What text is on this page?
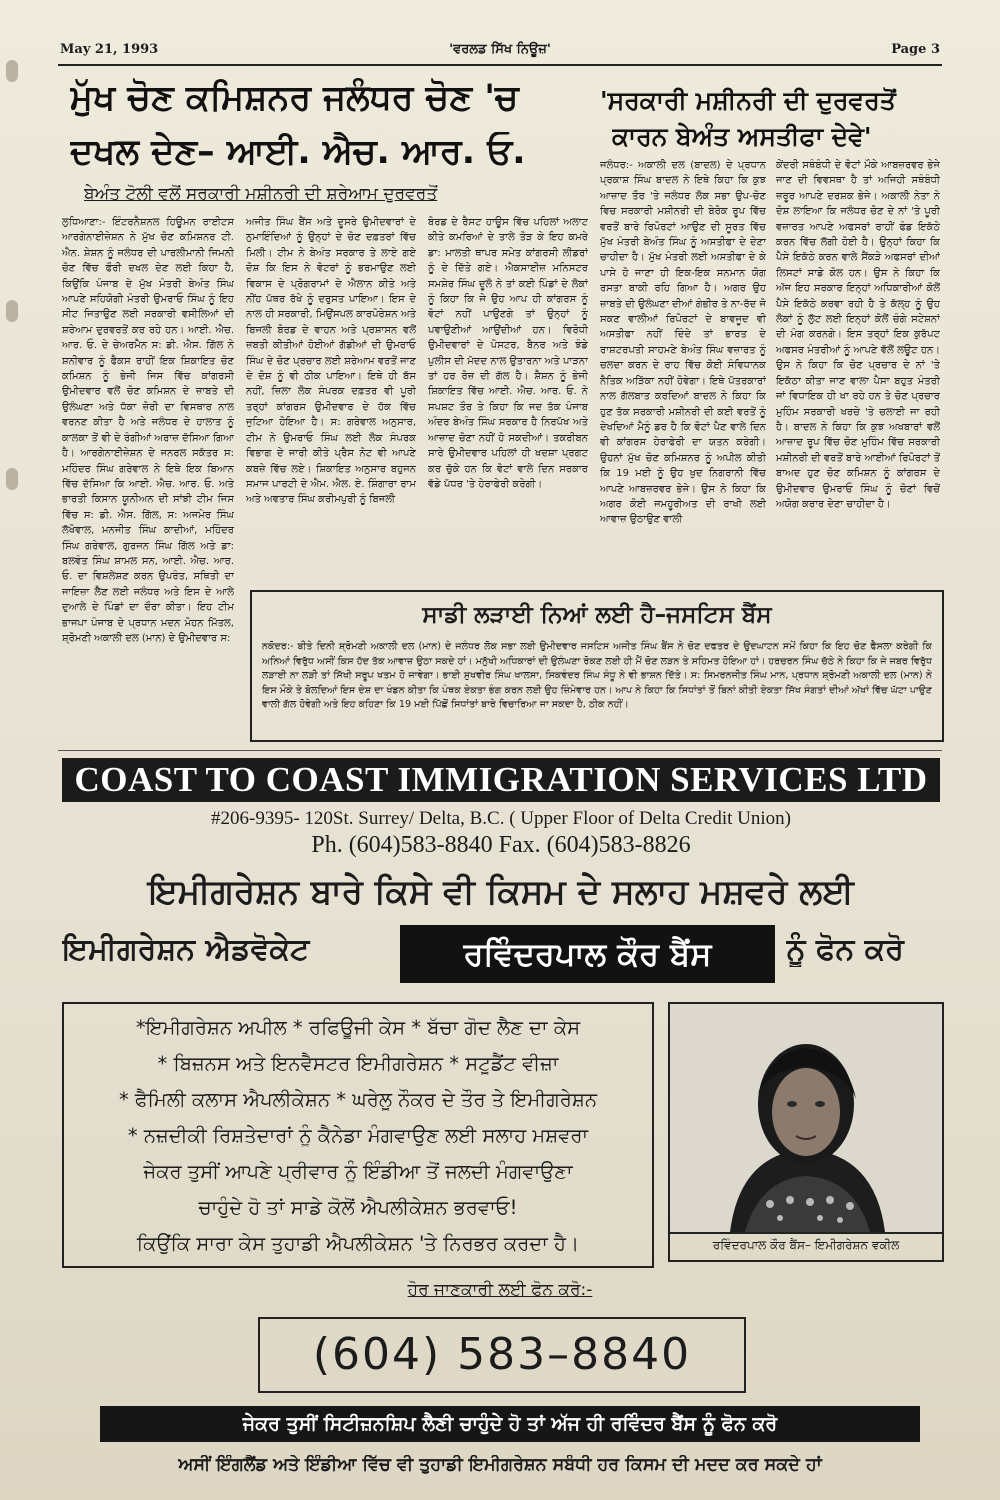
May 21, 1993	'ਵਰਲਡ ਸਿੱਖ ਨਿਊਜ਼'	Page 3
ਮੁੱਖ ਚੋਣ ਕਮਿਸ਼ਨਰ ਜਲੰਧਰ ਚੋਣ 'ਚ
ਦਖਲ ਦੇਣ– ਆਈ. ਐਚ. ਆਰ. ਓ.
ਬੇਅੰਤ ਟੋਲੀ ਵਲੋਂ ਸਰਕਾਰੀ ਮਸ਼ੀਨਰੀ ਦੀ ਸ਼ਰੇਆਮ ਦੁਰਵਰਤੋਂ
ਲੁਧਿਆਣਾ:- ਇੰਟਰਨੈਸ਼ਨਲ ਹਿਊਮਨ ਰਾਈਟਸ ਆਰਗੇਨਾਈਜ਼ੇਸ਼ਨ ਨੇ ਮੁੱਖ ਚੋਣ ਕਮਿਸ਼ਨਰ ਟੀ. ਐਨ. ਸ਼ੇਸ਼ਨ ਨੂੰ ਜਲੰਧਰ ਦੀ ਪਾਰਲੀਮਾਨੀ ਜਿਮਨੀ ਚੋਣ ਵਿੱਚ ਫੌਰੀ ਦਖਲ ਦੇਣ ਲਈ ਕਿਹਾ ਹੈ, ਕਿਉਂਕਿ ਪੰਜਾਬ ਦੇ ਮੁੱਖ ਮੰਤਰੀ ਬੇਅੰਤ ਸਿੰਘ ਆਪਣੇ ਸਹਿਯੋਗੀ ਮੰਤਰੀ ਉਮਰਾਓ ਸਿੰਘ ਨੂੰ ਇਹ ਸੀਟ ਜਿਤਾਉਣ ਲਈ ਸਰਕਾਰੀ ਵਸੀਲਿਆਂ ਦੀ ਸ਼ਰੇਆਮ ਦੁਰਵਰਤੋਂ ਕਰ ਰਹੇ ਹਨ। ਆਈ. ਐਚ. ਆਰ. ਓ. ਦੇ ਚੇਅਰਮੈਨ ਸ: ਡੀ. ਐਸ. ਗਿੱਲ ਨੇ ਸ਼ਨੀਵਾਰ ਨੂੰ ਫੈਕਸ ਰਾਹੀਂ ਇਕ ਸ਼ਿਕਾਇਤ ਚੋਣ ਕਮਿਸ਼ਨ ਨੂੰ ਭੇਜੀ ਜਿਸ ਵਿੱਚ ਕਾਂਗਰਸੀ ਉਮੀਦਵਾਰ ਵਲੋਂ ਚੋਣ ਕਮਿਸ਼ਨ ਦੇ ਜ਼ਾਬਤੇ ਦੀ ਉਲੰਘਣਾ ਅਤੇ ਧੱਕਾ ਜ਼ੋਰੀ ਦਾ ਵਿਸਥਾਰ ਨਾਲ ਵਰਨਣ ਕੀਤਾ ਹੈ ਅਤੇ ਜਲੰਧਰ ਦੇ ਹਾਲਾਤ ਨੂੰ ਕਾਲਕਾ ਤੋਂ ਵੀ ਦੇ ਰੰਗੀਆਂ ਅਰਾਜ਼ ਦੱਸਿਆ ਗਿਆ ਹੈ। ਆਰਗੇਨਾਈਜ਼ੇਸ਼ਨ ਦੇ ਜਨਰਲ ਸਕੱਤਰ ਸ: ਮਹਿੰਦਰ ਸਿੰਘ ਗਰੇਵਾਲ ਨੇ ਇਥੇ ਇਕ ਬਿਆਨ ਵਿੱਚ ਦੱਸਿਆ ਕਿ ਆਈ. ਐਚ. ਆਰ. ਓ. ਅਤੇ ਭਾਰਤੀ ਕਿਸਾਨ ਯੂਨੀਅਨ ਦੀ ਸਾਂਝੀ ਟੀਮ ਜਿਸ ਵਿੱਚ ਸ: ਡੀ. ਐਸ. ਗਿੱਲ, ਸ: ਅਜਮੇਰ ਸਿੰਘ ਲੱਖੋਵਾਲ, ਮਨਜੀਤ ਸਿੰਘ ਕਾਦੀਆਂ, ਮਹਿੰਦਰ ਸਿੰਘ ਗਰੇਵਾਲ, ਗੁਰਜਨ ਸਿੰਘ ਗਿੱਲ ਅਤੇ ਡਾ: ਬਲਵੰਤ ਸਿੰਘ ਸ਼ਾਮਲ ਸਨ, ਆਈ. ਐਚ. ਆਰ. ਓ. ਦਾ ਵਿਸ਼ਲੇਸ਼ਣ ਕਰਨ ਉਪਰੰਤ, ਸਥਿਤੀ ਦਾ ਜਾਇਜ਼ਾ ਲੈਣ ਲਈ ਜਲੰਧਰ ਅਤੇ ਇਸ ਦੇ ਆਲੇ ਦੁਆਲੇ ਦੇ ਪਿੰਡਾਂ ਦਾ ਦੌਰਾ ਕੀਤਾ। ਇਹ ਟੀਮ ਭਾਜਪਾ ਪੰਜਾਬ ਦੇ ਪ੍ਰਧਾਨ ਮਦਨ ਮੋਹਨ ਮਿੱਤਲ, ਸ਼੍ਰੋਮਣੀ ਅਕਾਲੀ ਦਲ (ਮਾਨ) ਦੇ ਉਮੀਦਵਾਰ ਸ:
ਅਜੀਤ ਸਿੰਘ ਬੈਂਸ ਅਤੇ ਦੂਸਰੇ ਉਮੀਦਵਾਰਾਂ ਦੇ ਨੁਮਾਇੰਦਿਆਂ ਨੂੰ ਉਨ੍ਹਾਂ ਦੇ ਚੋਣ ਦਫ਼ਤਰਾਂ ਵਿੱਚ ਮਿਲੀ। ਟੀਮ ਨੇ ਬੇਅੰਤ ਸਰਕਾਰ ਤੇ ਲਾਏ ਗਏ ਦੋਸ਼ ਕਿ ਇਸ ਨੇ ਵੋਟਰਾਂ ਨੂੰ ਭਰਮਾਉਣ ਲਈ ਵਿਕਾਸ ਦੇ ਪ੍ਰੋਗਰਾਮਾਂ ਦੇ ਐਲਾਨ ਕੀਤੇ ਅਤੇ ਨੀਂਹ ਪੱਥਰ ਰੱਖੇ ਨੂੰ ਦਰੁਸਤ ਪਾਇਆ। ਇਸ ਦੇ ਨਾਲ ਹੀ ਸਰਕਾਰੀ, ਮਿਉਂਸਪਲ ਕਾਰਪੋਰੇਸ਼ਨ ਅਤੇ ਬਿਜਲੀ ਬੋਰਡ ਦੇ ਵਾਹਨ ਅਤੇ ਪ੍ਰਸ਼ਾਸਨ ਵਲੋਂ ਜ਼ਬਤੀ ਕੀਤੀਆਂ ਹੋਈਆਂ ਗੱਡੀਆਂ ਦੀ ਉਮਰਾਓ ਸਿੰਘ ਦੇ ਚੋਣ ਪ੍ਰਚਾਰ ਲਈ ਸ਼ਰੇਆਮ ਵਰਤੋਂ ਜਾਣ ਦੇ ਦੋਸ਼ ਨੂੰ ਵੀ ਠੀਕ ਪਾਇਆ। ਇਥੇ ਹੀ ਬੱਸ ਨਹੀਂ, ਜ਼ਿਲਾ ਲੋਕ ਸੰਪਰਕ ਦਫ਼ਤਰ ਵੀ ਪੂਰੀ ਤਰ੍ਹਾਂ ਕਾਂਗਰਸ ਉਮੀਦਵਾਰ ਦੇ ਹੱਕ ਵਿੱਚ ਜੁਟਿਆ ਹੋਇਆ ਹੈ। ਸ: ਗਰੇਵਾਲ ਅਨੁਸਾਰ, ਟੀਮ ਨੇ ਉਮਰਾਓ ਸਿੰਘ ਲਈ ਲੋਕ ਸੰਪਰਕ ਵਿਭਾਗ ਦੇ ਜਾਰੀ ਕੀਤੇ ਪ੍ਰੈਸ ਨੋਟ ਵੀ ਆਪਣੇ ਕਬਜ਼ੇ ਵਿੱਚ ਲਏ। ਸ਼ਿਕਾਇਤ ਅਨੁਸਾਰ ਬਹੁਜਨ ਸਮਾਜ ਪਾਰਟੀ ਦੇ ਐਮ. ਐਲ. ਏ. ਸ਼ਿੰਗਾਰਾ ਰਾਮ ਅਤੇ ਅਵਤਾਰ ਸਿੰਘ ਕਰੀਮਪੁਰੀ ਨੂੰ ਬਿਜਲੀ
ਬੋਰਡ ਦੇ ਰੈਸਟ ਹਾਊਸ ਵਿੱਚ ਪਹਿਲਾਂ ਅਲਾਟ ਕੀਤੇ ਕਮਰਿਆਂ ਦੇ ਤਾਲੇ ਤੋੜ ਕੇ ਇਹ ਕਮਰੇ ਡਾ: ਮਾਲਤੀ ਥਾਪਰ ਸਮੇਤ ਕਾਂਗਰਸੀ ਲੀਡਰਾਂ ਨੂੰ ਦੇ ਦਿੱਤੇ ਗਏ। ਐਕਸਾਈਜ਼ ਮਨਿਸਟਰ ਸਮਸ਼ੇਰ ਸਿੰਘ ਦੂਲੋ ਨੇ ਤਾਂ ਕਈ ਪਿੰਡਾਂ ਦੇ ਲੋਕਾਂ ਨੂੰ ਕਿਹਾ ਕਿ ਜੇ ਉਹ ਆਪ ਹੀ ਕਾਂਗਰਸ ਨੂੰ ਵੋਟਾਂ ਨਹੀਂ ਪਾਉਣਗੇ ਤਾਂ ਉਨ੍ਹਾਂ ਨੂੰ ਪਵਾਉਣੀਆਂ ਆਉਂਦੀਆਂ ਹਨ। ਵਿਰੋਧੀ ਉਮੀਦਵਾਰਾਂ ਦੇ ਪੋਸਟਰ, ਬੈਨਰ ਅਤੇ ਝੰਡੇ ਪੁਲੀਸ ਦੀ ਮੱਦਦ ਨਾਲ ਉਤਾਰਨਾ ਅਤੇ ਪਾੜਨਾ ਤਾਂ ਹਰ ਰੋਜ਼ ਦੀ ਗੱਲ ਹੈ। ਸ਼ੈਸ਼ਨ ਨੂੰ ਭੇਜੀ ਸ਼ਿਕਾਇਤ ਵਿੱਚ ਆਈ. ਐਚ. ਆਰ. ਓ. ਨੇ ਸਪਸ਼ਟ ਤੌਰ ਤੇ ਕਿਹਾ ਕਿ ਜਦ ਤੱਕ ਪੰਜਾਬ ਅੰਦਰ ਬੇਅੰਤ ਸਿੰਘ ਸਰਕਾਰ ਹੈ ਨਿਰਪੱਖ ਅਤੇ ਆਜ਼ਾਦ ਚੋਣਾ ਨਹੀਂ ਹੋ ਸਕਦੀਆਂ। ਤਕਰੀਬਨ ਸਾਰੇ ਉਮੀਦਵਾਰ ਪਹਿਲਾਂ ਹੀ ਖਦਸ਼ਾ ਪ੍ਰਗਟ ਕਰ ਚੁੱਕੇ ਹਨ ਕਿ ਵੋਟਾਂ ਵਾਲੇ ਦਿਨ ਸਰਕਾਰ ਵੱਡੇ ਪੱਧਰ 'ਤੇ ਹੇਰਾਫੇਰੀ ਕਰੇਗੀ।
'ਸਰਕਾਰੀ ਮਸ਼ੀਨਰੀ ਦੀ ਦੁਰਵਰਤੋਂ
ਕਾਰਨ ਬੇਅੰਤ ਅਸਤੀਫਾ ਦੇਵੇ'
ਜਲੰਧਰ:- ਅਕਾਲੀ ਦਲ (ਬਾਦਲ) ਦੇ ਪ੍ਰਧਾਨ ਪ੍ਰਕਾਸ਼ ਸਿੰਘ ਬਾਦਲ ਨੇ ਇਥੇ ਕਿਹਾ ਕਿ ਕੁਝ ਆਜ਼ਾਦ ਤੌਰ 'ਤੇ ਜਲੰਧਰ ਲੋਕ ਸਭਾ ਉਪ-ਚੋਣ ਵਿਚ ਸਰਕਾਰੀ ਮਸ਼ੀਨਰੀ ਦੀ ਬੇਰੋਕ ਰੂਪ ਵਿੱਚ ਵਰਤੋਂ ਬਾਰੇ ਰਿਪੋਰਟਾਂ ਆਉਣ ਦੀ ਸੂਰਤ ਵਿੱਚ ਮੁੱਖ ਮੰਤਰੀ ਬੇਅੰਤ ਸਿੰਘ ਨੂੰ ਅਸਤੀਫਾ ਦੇ ਦੇਣਾ ਚਾਹੀਦਾ ਹੈ। ਮੁੱਖ ਮੰਤਰੀ ਲਈ ਅਸਤੀਫਾ ਦੇ ਕੇ ਪਾਸੇ ਹੋ ਜਾਣਾ ਹੀ ਇਕ-ਇਕ ਸਨਮਾਨ ਯੋਗ ਰਸਤਾ ਬਾਕੀ ਰਹਿ ਗਿਆ ਹੈ। ਅਗਰ ਉਹ ਜ਼ਾਬਤੇ ਦੀ ਉਲੰਘਣਾ ਦੀਆਂ ਗੰਭੀਰ ਤੇ ਨਾ-ਰੱਦ ਜੋ ਸਕਣ ਵਾਲੀਆਂ ਰਿਪੋਰਟਾਂ ਦੇ ਬਾਵਜੂਦ ਵੀ ਅਸਤੀਫਾ ਨਹੀਂ ਦਿੰਦੇ ਤਾਂ ਭਾਰਤ ਦੇ ਰਾਸ਼ਟਰਪਤੀ ਸਾਹਮਣੇ ਬੇਅੰਤ ਸਿੰਘ ਵਜ਼ਾਰਤ ਨੂੰ ਚਲਦਾ ਕਰਨ ਦੇ ਰਾਹ ਵਿੱਚ ਕੋਈ ਸੰਵਿਧਾਨਕ ਨੈਤਿਕ ਅੜਿੱਕਾ ਨਹੀਂ ਹੋਵੇਗਾ। ਇਥੇ ਪੱਤਰਕਾਰਾਂ ਨਾਲ ਗੱਲਬਾਤ ਕਰਦਿਆਂ ਬਾਦਲ ਨੇ ਕਿਹਾ ਕਿ ਹੁਣ ਤੱਕ ਸਰਕਾਰੀ ਮਸ਼ੀਨਰੀ ਦੀ ਕਈ ਵਰਤੋਂ ਨੂੰ ਦੇਖਦਿਆਂ ਮੈਨੂੰ ਡਰ ਹੈ ਕਿ ਵੋਟਾਂ ਪੈਣ ਵਾਲੇ ਦਿਨ ਵੀ ਕਾਂਗਰਸ ਹੇਰਾਫੇਰੀ ਦਾ ਯਤਨ ਕਰੇਗੀ। ਉਹਨਾਂ ਮੁੱਖ ਚੋਣ ਕਮਿਸ਼ਨਰ ਨੂੰ ਅਪੀਲ ਕੀਤੀ ਕਿ 19 ਮਈ ਨੂੰ ਉਹ ਖੁਦ ਨਿਗਰਾਨੀ ਵਿੱਚ ਆਪਣੇ ਆਬਜ਼ਰਵਰ ਭੇਜੇ। ਉਸ ਨੇ ਕਿਹਾ ਕਿ ਅਗਰ ਕੋਈ ਜਮਹੂਰੀਅਤ ਦੀ ਰਾਖੀ ਲਈ ਆਵਾਜ਼ ਉਠਾਉਣ ਵਾਲੀ
ਕੇਂਦਰੀ ਸਥੰਬੰਧੀ ਦੇ ਵੋਟਾਂ ਮੌਕੇ ਆਬਜ਼ਰਵਰ ਭੇਜੇ ਜਾਣ ਦੀ ਵਿਵਸਥਾ ਹੈ ਤਾਂ ਅਜਿਹੀ ਸਥੰਬੰਧੀ ਜ਼ਰੂਰ ਆਪਣੇ ਦਰਸ਼ਕ ਭੇਜੇ। ਅਕਾਲੀ ਨੇਤਾ ਨੇ ਦੋਸ਼ ਲਾਇਆ ਕਿ ਜਲੰਧਰ ਚੋਣ ਦੇ ਨਾਂ 'ਤੇ ਪੂਰੀ ਵਜ਼ਾਰਤ ਆਪਣੇ ਅਫਸਰਾਂ ਰਾਹੀਂ ਫੰਡ ਇਕੱਠੇ ਕਰਨ ਵਿੱਚ ਲੱਗੀ ਹੋਈ ਹੈ। ਉਨ੍ਹਾਂ ਕਿਹਾ ਕਿ ਪੈਸੇ ਇਕੱਠੇ ਕਰਨ ਵਾਲੇ ਸੈਂਕੜੇ ਅਫਸਰਾਂ ਦੀਆਂ ਲਿਸਟਾਂ ਸਾਡੇ ਕੋਲ ਹਨ। ਉਸ ਨੇ ਕਿਹਾ ਕਿ ਅੱਜ ਇਹ ਸਰਕਾਰ ਇਨ੍ਹਾਂ ਅਧਿਕਾਰੀਆਂ ਕੋਲੋਂ ਪੈਸੇ ਇਕੱਠੇ ਕਰਵਾ ਰਹੀ ਹੈ ਤੇ ਕੱਲ੍ਹ ਨੂੰ ਉਹ ਲੋਕਾਂ ਨੂੰ ਲੁੱਟ ਲਈ ਇਨ੍ਹਾਂ ਕੋਲੋਂ ਚੰਗੇ ਸਟੇਸ਼ਨਾਂ ਦੀ ਮੰਗ ਕਰਨਗੇ। ਇਸ ਤਰ੍ਹਾਂ ਇਕ ਕੁਰੱਪਟ ਅਫਸਰ ਮੰਤਰੀਆਂ ਨੂੰ ਆਪਣੇ ਵੱਲੋਂ ਲਊਟ ਹਨ। ਉਸ ਨੇ ਕਿਹਾ ਕਿ ਚੋਣ ਪ੍ਰਚਾਰ ਦੇ ਨਾਂ 'ਤੇ ਇਕੱਠਾ ਕੀਤਾ ਜਾਣ ਵਾਲਾ ਪੈਸਾ ਬਹੁਤ ਮੰਤਰੀ ਜਾਂ ਵਿਧਾਇਕ ਹੀ ਖਾ ਰਹੇ ਹਨ ਤੇ ਚੋਣ ਪ੍ਰਚਾਰ ਮੁਹਿੰਮ ਸਰਕਾਰੀ ਖਰਚੇ 'ਤੇ ਚਲਾਈ ਜਾ ਰਹੀ ਹੈ। ਬਾਦਲ ਨੇ ਕਿਹਾ ਕਿ ਕੁਝ ਅਖਬਾਰਾਂ ਵਲੋਂ ਆਜ਼ਾਦ ਰੂਪ ਵਿੱਚ ਚੋਣ ਮੁਹਿੰਮ ਵਿੱਚ ਸਰਕਾਰੀ ਮਸ਼ੀਨਰੀ ਦੀ ਵਰਤੋਂ ਬਾਰੇ ਆਈਆਂ ਰਿਪੋਰਟਾਂ ਤੋਂ ਬਾਅਦ ਹੁਣ ਚੋਣ ਕਮਿਸ਼ਨ ਨੂੰ ਕਾਂਗਰਸ ਦੇ ਉਮੀਦਵਾਰ ਉਮਰਾਓ ਸਿੰਘ ਨੂੰ ਚੋਣਾਂ ਵਿਚੋਂ ਅਯੋਗ ਕਰਾਰ ਦੇਣਾ ਚਾਹੀਦਾ ਹੈ।
ਸਾਡੀ ਲੜਾਈ ਨਿਆਂ ਲਈ ਹੈ–ਜਸਟਿਸ ਬੈਂਸ
ਨਕੋਦਰ:- ਬੀਤੇ ਦਿਨੀ ਸ਼੍ਰੋਮਣੀ ਅਕਾਲੀ ਦਲ (ਮਾਨ) ਦੇ ਜਲੰਧਰ ਲੋਕ ਸਭਾ ਲਈ ਉਮੀਦਵਾਰ ਜਸਟਿਸ ਅਜੀਤ ਸਿੰਘ ਬੈਂਸ ਨੇ ਚੋਣ ਦਫਤਰ ਦੇ ਉਦਘਾਟਨ ਸਮੇਂ ਕਿਹਾ ਕਿ ਇਹ ਚੋਣ ਫੈਸਲਾ ਕਰੇਗੀ ਕਿ ਅਨਿਆਂ ਵਿਰੁੱਧ ਅਸੀਂ ਕਿਸ ਹੱਦ ਤੱਕ ਆਵਾਜ਼ ਉਠਾ ਸਕਦੇ ਹਾਂ। ਮਨੁੱਖੀ ਅਧਿਕਾਰਾਂ ਦੀ ਉਲੰਘਣਾ ਰੋਕਣ ਲਈ ਹੀ ਮੈਂ ਚੋਣ ਲੜਨ ਤੇ ਸਹਿਮਤ ਹੋਇਆ ਹਾਂ। ਹਰਚਰਨ ਸਿੰਘ ਚੱਠੇ ਨੇ ਕਿਹਾ ਕਿ ਜੇ ਜਬਰ ਵਿਰੁੱਧ ਲੜਾਈ ਨਾ ਲੜੀ ਤਾਂ ਸਿੱਖੀ ਸਰੂਪ ਖਤਮ ਹੋ ਜਾਵੇਗਾ। ਭਾਈ ਸੁਖਵੀਰ ਸਿੰਘ ਖਾਲਸਾ, ਸਿਕਵੰਦਰ ਸਿੰਘ ਸੰਧੂ ਨੇ ਵੀ ਭਾਸ਼ਨ ਦਿੱਤੇ। ਸ: ਸਿਮਰਨਜੀਤ ਸਿੰਘ ਮਾਨ, ਪ੍ਰਧਾਨ ਸ਼੍ਰੋਮਣੀ ਅਕਾਲੀ ਦਲ (ਮਾਨ) ਨੇ ਇਸ ਮੌਕੇ ਤੇ ਬੋਲਦਿਆਂ ਇਸ ਦੇਸ਼ ਦਾ ਖੰਡਨ ਕੀਤਾ ਕਿ ਪੰਥਕ ਏਕਤਾ ਭੰਗ ਕਰਨ ਲਈ ਉਹ ਜ਼ਿੰਮੇਵਾਰ ਹਨ। ਆਪ ਨੇ ਕਿਹਾ ਕਿ ਸਿਧਾਂਤਾਂ ਤੋਂ ਬਿਨਾਂ ਕੀਤੀ ਏਕਤਾ ਸਿੱਖ ਸੰਗਤਾਂ ਦੀਆਂ ਅੱਖਾਂ ਵਿੱਚ ਘੱਟਾ ਪਾਉਣ ਵਾਲੀ ਗੱਲ ਹੋਵੇਗੀ ਅਤੇ ਇਹ ਕਹਿਣਾ ਕਿ 19 ਮਈ ਪਿੱਛੋਂ ਸਿਧਾਂਤਾਂ ਬਾਰੇ ਵਿਚਾਰਿਆ ਜਾ ਸਕਦਾ ਹੈ, ਠੀਕ ਨਹੀਂ।
COAST TO COAST IMMIGRATION SERVICES LTD
#206-9395- 120St. Surrey/ Delta, B.C. ( Upper Floor of Delta Credit Union)
Ph. (604)583-8840 Fax. (604)583-8826
ਇਮੀਗਰੇਸ਼ਨ ਬਾਰੇ ਕਿਸੇ ਵੀ ਕਿਸਮ ਦੇ ਸਲਾਹ ਮਸ਼ਵਰੇ ਲਈ
ਇਮੀਗਰੇਸ਼ਨ ਐਡਵੋਕੇਟ	ਰਵਿੰਦਰਪਾਲ ਕੌਰ ਬੈਂਸ	ਨੂੰ ਫੋਨ ਕਰੋ
*ਇਮੀਗਰੇਸ਼ਨ ਅਪੀਲ * ਰਫਿਊਜੀ ਕੇਸ * ਬੱਚਾ ਗੋਦ ਲੈਣ ਦਾ ਕੇਸ
* ਬਿਜ਼ਨਸ ਅਤੇ ਇਨਵੈਸਟਰ ਇਮੀਗਰੇਸ਼ਨ * ਸਟੂਡੈਂਟ ਵੀਜ਼ਾ
* ਫੈਮਿਲੀ ਕਲਾਸ ਐਪਲੀਕੇਸ਼ਨ * ਘਰੇਲੂ ਨੌਕਰ ਦੇ ਤੌਰ ਤੇ ਇਮੀਗਰੇਸ਼ਨ
* ਨਜ਼ਦੀਕੀ ਰਿਸ਼ਤੇਦਾਰਾਂ ਨੂੰ ਕੈਨੇਡਾ ਮੰਗਵਾਉਣ ਲਈ ਸਲਾਹ ਮਸ਼ਵਰਾ
ਜੇਕਰ ਤੁਸੀਂ ਆਪਣੇ ਪ੍ਰੀਵਾਰ ਨੂੰ ਇੰਡੀਆ ਤੋਂ ਜਲਦੀ ਮੰਗਵਾਉਣਾ
ਚਾਹੁੰਦੇ ਹੋ ਤਾਂ ਸਾਡੇ ਕੋਲੋਂ ਐਪਲੀਕੇਸ਼ਨ ਭਰਵਾਓ!
ਕਿਉਂਕਿ ਸਾਰਾ ਕੇਸ ਤੁਹਾਡੀ ਐਪਲੀਕੇਸ਼ਨ 'ਤੇ ਨਿਰਭਰ ਕਰਦਾ ਹੈ।	ਰਵਿੰਦਰਪਾਲ ਕੌਰ ਬੈਂਸ– ਇਮੀਗਰੇਸ਼ਨ ਵਕੀਲ
ਹੋਰ ਜਾਣਕਾਰੀ ਲਈ ਫੋਨ ਕਰੋ:-
(604) 583–8840
ਜੇਕਰ ਤੁਸੀਂ ਸਿਟੀਜ਼ਨਸ਼ਿਪ ਲੈਣੀ ਚਾਹੁੰਦੇ ਹੋ ਤਾਂ ਅੱਜ ਹੀ ਰਵਿੰਦਰ ਬੈਂਸ ਨੂੰ ਫੋਨ ਕਰੋ
ਅਸੀਂ ਇੰਗਲੈਂਡ ਅਤੇ ਇੰਡੀਆ ਵਿੱਚ ਵੀ ਤੁਹਾਡੀ ਇਮੀਗਰੇਸ਼ਨ ਸਬੰਧੀ ਹਰ ਕਿਸਮ ਦੀ ਮਦਦ ਕਰ ਸਕਦੇ ਹਾਂ
